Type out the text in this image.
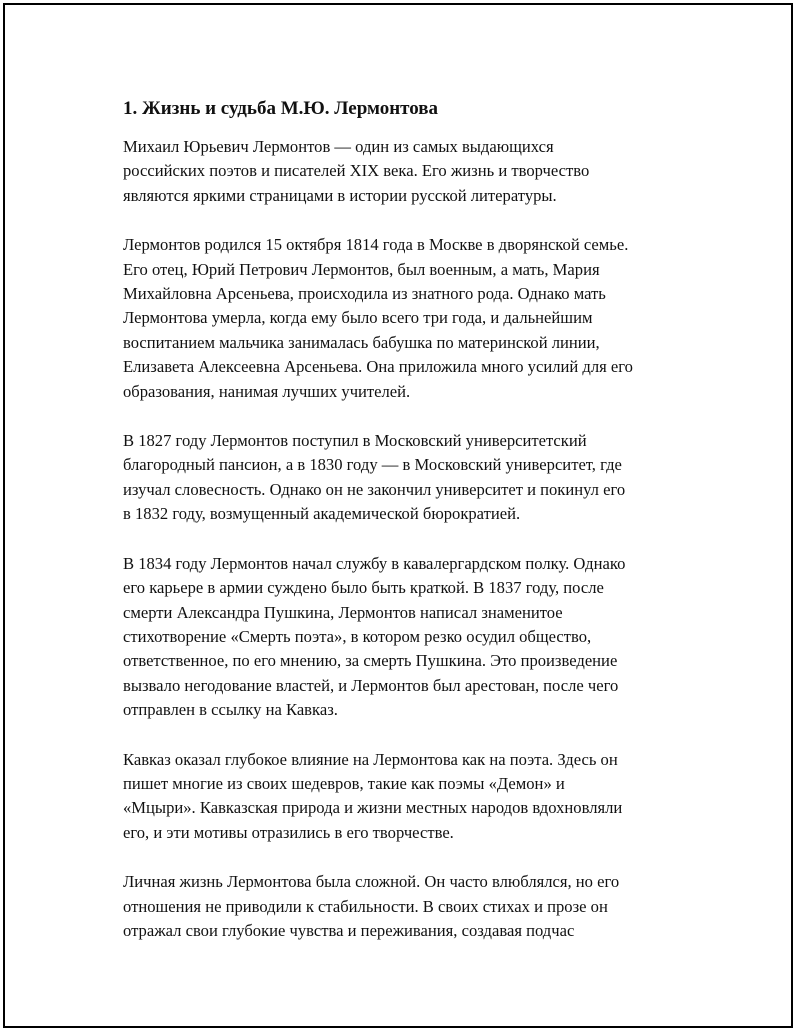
1. Жизнь и судьба М.Ю. Лермонтова
Михаил Юрьевич Лермонтов — один из самых выдающихся
российских поэтов и писателей XIX века. Его жизнь и творчество
являются яркими страницами в истории русской литературы.
Лермонтов родился 15 октября 1814 года в Москве в дворянской семье.
Его отец, Юрий Петрович Лермонтов, был военным, а мать, Мария
Михайловна Арсеньева, происходила из знатного рода. Однако мать
Лермонтова умерла, когда ему было всего три года, и дальнейшим
воспитанием мальчика занималась бабушка по материнской линии,
Елизавета Алексеевна Арсеньева. Она приложила много усилий для его
образования, нанимая лучших учителей.
В 1827 году Лермонтов поступил в Московский университетский
благородный пансион, а в 1830 году — в Московский университет, где
изучал словесность. Однако он не закончил университет и покинул его
в 1832 году, возмущенный академической бюрократией.
В 1834 году Лермонтов начал службу в кавалергардском полку. Однако
его карьере в армии суждено было быть краткой. В 1837 году, после
смерти Александра Пушкина, Лермонтов написал знаменитое
стихотворение «Смерть поэта», в котором резко осудил общество,
ответственное, по его мнению, за смерть Пушкина. Это произведение
вызвало негодование властей, и Лермонтов был арестован, после чего
отправлен в ссылку на Кавказ.
Кавказ оказал глубокое влияние на Лермонтова как на поэта. Здесь он
пишет многие из своих шедевров, такие как поэмы «Демон» и
«Мцыри». Кавказская природа и жизни местных народов вдохновляли
его, и эти мотивы отразились в его творчестве.
Личная жизнь Лермонтова была сложной. Он часто влюблялся, но его
отношения не приводили к стабильности. В своих стихах и прозе он
отражал свои глубокие чувства и переживания, создавая подчас
